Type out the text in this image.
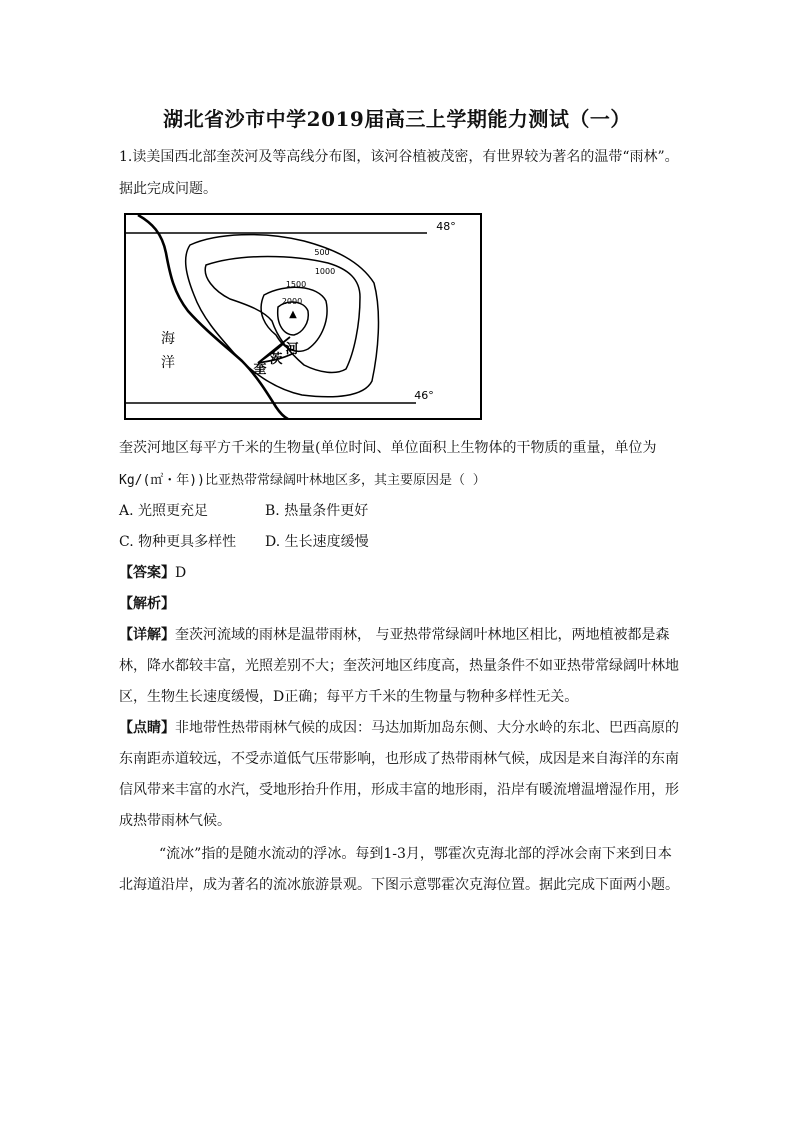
湖北省沙市中学2019届高三上学期能力测试（一）
1.读美国西北部奎茨河及等高线分布图，该河谷植被茂密，有世界较为著名的温带“雨林”。
据此完成问题。
48°
46°
500
1000
1500
2000
▲
海
洋	奎
茨
河
奎茨河地区每平方千米的生物量(单位时间、单位面积上生物体的干物质的重量，单位为
Kg/(㎡・年))比亚热带常绿阔叶林地区多，其主要原因是（ ）
A. 光照更充足	B. 热量条件更好
C. 物种更具多样性 D. 生长速度缓慢
【答案】D
【解析】
【详解】奎茨河流域的雨林是温带雨林， 与亚热带常绿阔叶林地区相比，两地植被都是森
林，降水都较丰富，光照差别不大；奎茨河地区纬度高，热量条件不如亚热带常绿阔叶林地
区，生物生长速度缓慢，D正确；每平方千米的生物量与物种多样性无关。
【点睛】非地带性热带雨林气候的成因：马达加斯加岛东侧、大分水岭的东北、巴西高原的
东南距赤道较远，不受赤道低气压带影响，也形成了热带雨林气候，成因是来自海洋的东南
信风带来丰富的水汽，受地形抬升作用，形成丰富的地形雨，沿岸有暖流增温增湿作用，形
成热带雨林气候。
“流冰”指的是随水流动的浮冰。每到1-3月，鄂霍次克海北部的浮冰会南下来到日本
北海道沿岸，成为著名的流冰旅游景观。下图示意鄂霍次克海位置。据此完成下面两小题。
